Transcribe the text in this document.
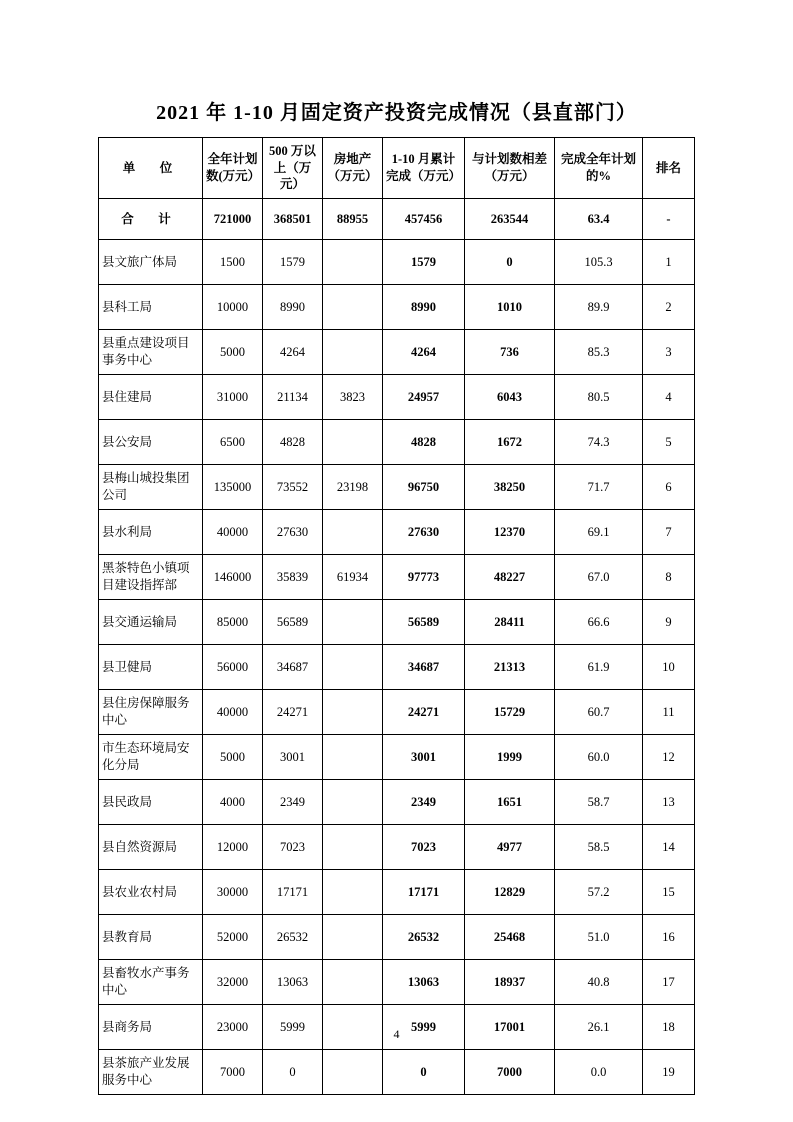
2021 年 1-10 月固定资产投资完成情况（县直部门）
单　位	全年计划数(万元）	500 万以上（万元）	房地产（万元）	1-10 月累计完成（万元）	与计划数相差（万元）	完成全年计划的%	排名
合　计	721000	368501	88955	457456	263544	63.4	-
县文旅广体局	1500	1579		1579	0	105.3	1
县科工局	10000	8990		8990	1010	89.9	2
县重点建设项目事务中心	5000	4264		4264	736	85.3	3
县住建局	31000	21134	3823	24957	6043	80.5	4
县公安局	6500	4828		4828	1672	74.3	5
县梅山城投集团公司	135000	73552	23198	96750	38250	71.7	6
县水利局	40000	27630		27630	12370	69.1	7
黑茶特色小镇项目建设指挥部	146000	35839	61934	97773	48227	67.0	8
县交通运输局	85000	56589		56589	28411	66.6	9
县卫健局	56000	34687		34687	21313	61.9	10
县住房保障服务中心	40000	24271		24271	15729	60.7	11
市生态环境局安化分局	5000	3001		3001	1999	60.0	12
县民政局	4000	2349		2349	1651	58.7	13
县自然资源局	12000	7023		7023	4977	58.5	14
县农业农村局	30000	17171		17171	12829	57.2	15
县教育局	52000	26532		26532	25468	51.0	16
县畜牧水产事务中心	32000	13063		13063	18937	40.8	17
县商务局	23000	5999		5999	17001	26.1	18
县茶旅产业发展服务中心	7000	0		0	7000	0.0	19
4
